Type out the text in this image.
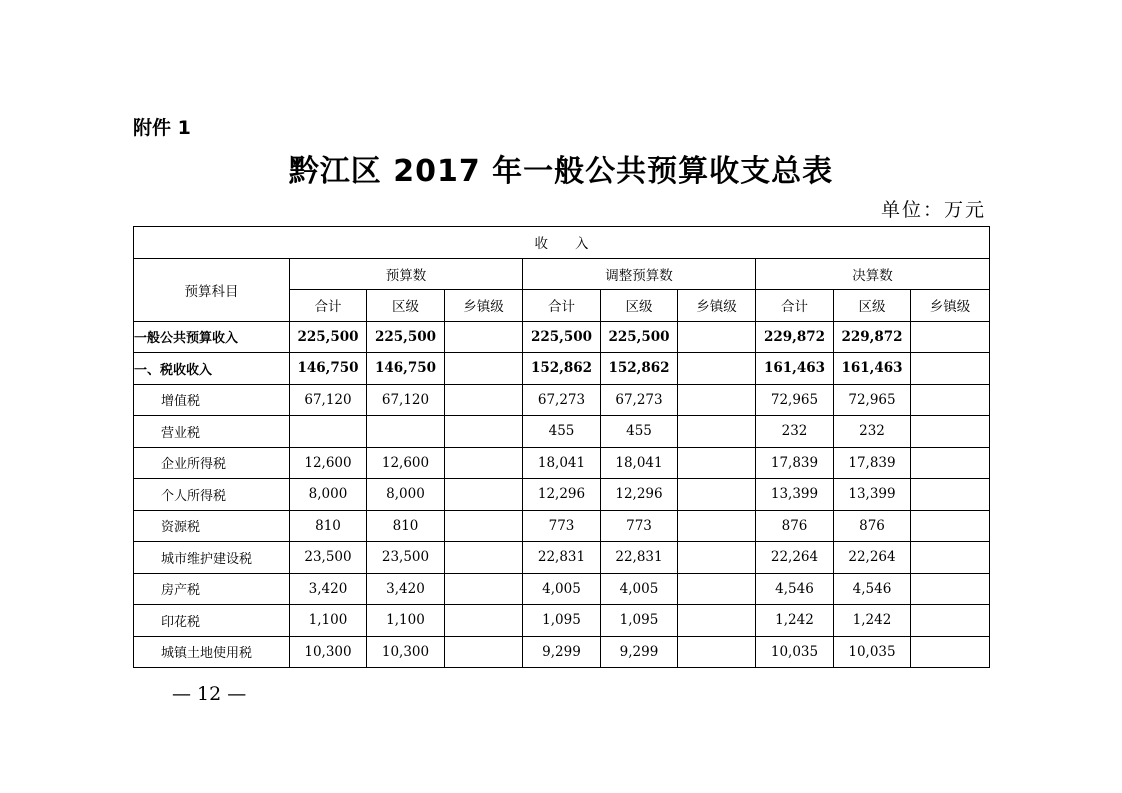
附件 1
黔江区 2017 年一般公共预算收支总表
单位：万元
收　　入									
预算科目	预算数			调整预算数			决算数		
	合计	区级	乡镇级	合计	区级	乡镇级	合计	区级	乡镇级
一般公共预算收入	225,500	225,500		225,500	225,500		229,872	229,872	
一、税收收入	146,750	146,750		152,862	152,862		161,463	161,463	
增值税	67,120	67,120		67,273	67,273		72,965	72,965	
营业税				455	455		232	232	
企业所得税	12,600	12,600		18,041	18,041		17,839	17,839	
个人所得税	8,000	8,000		12,296	12,296		13,399	13,399	
资源税	810	810		773	773		876	876	
城市维护建设税	23,500	23,500		22,831	22,831		22,264	22,264	
房产税	3,420	3,420		4,005	4,005		4,546	4,546	
印花税	1,100	1,100		1,095	1,095		1,242	1,242	
城镇土地使用税	10,300	10,300		9,299	9,299		10,035	10,035	
— 12 —
